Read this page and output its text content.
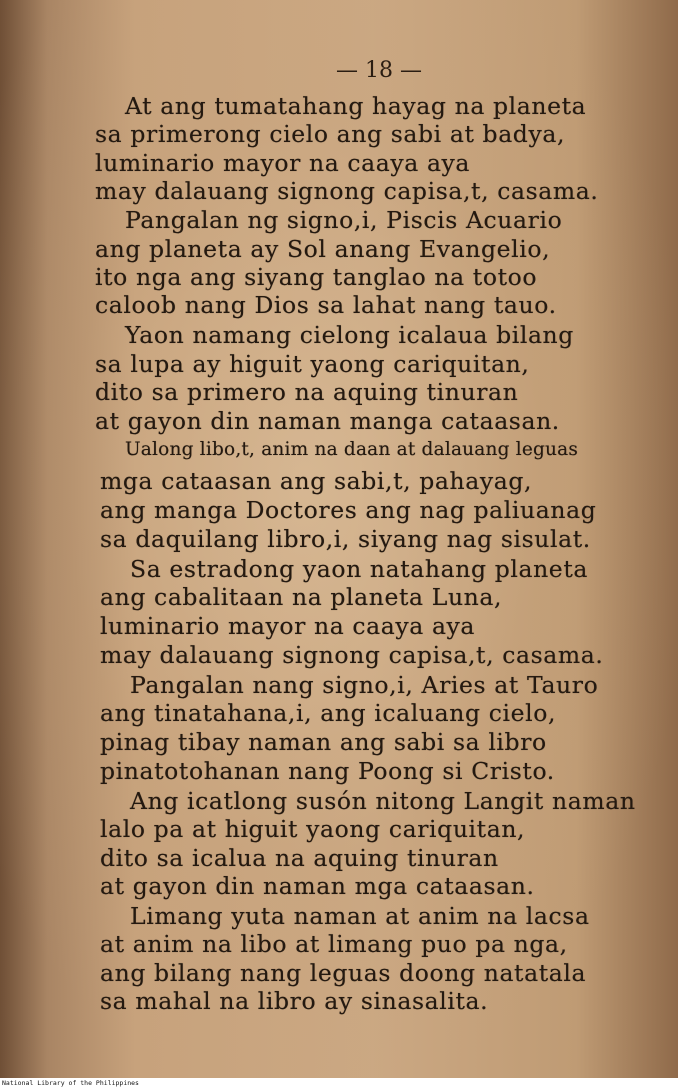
— 18 —
At ang tumatahang hayag na planeta
sa primerong cielo ang sabi at badya,
luminario mayor na caaya aya
may dalauang signong capisa,t, casama.
Pangalan ng signo,i, Piscis Acuario
ang planeta ay Sol anang Evangelio,
ito nga ang siyang tanglao na totoo
caloob nang Dios sa lahat nang tauo.
Yaon namang cielong icalaua bilang
sa lupa ay higuit yaong cariquitan,
dito sa primero na aquing tinuran
at gayon din naman manga cataasan.
Ualong libo,t, anim na daan at dalauang leguas
mga cataasan ang sabi,t, pahayag,
ang manga Doctores ang nag paliuanag
sa daquilang libro,i, siyang nag sisulat.
Sa estradong yaon natahang planeta
ang cabalitaan na planeta Luna,
luminario mayor na caaya aya
may dalauang signong capisa,t, casama.
Pangalan nang signo,i, Aries at Tauro
ang tinatahana,i, ang icaluang cielo,
pinag tibay naman ang sabi sa libro
pinatotohanan nang Poong si Cristo.
Ang icatlong susón nitong Langit naman
lalo pa at higuit yaong cariquitan,
dito sa icalua na aquing tinuran
at gayon din naman mga cataasan.
Limang yuta naman at anim na lacsa
at anim na libo at limang puo pa nga,
ang bilang nang leguas doong natatala
sa mahal na libro ay sinasalita.
National Library of the Philippines
